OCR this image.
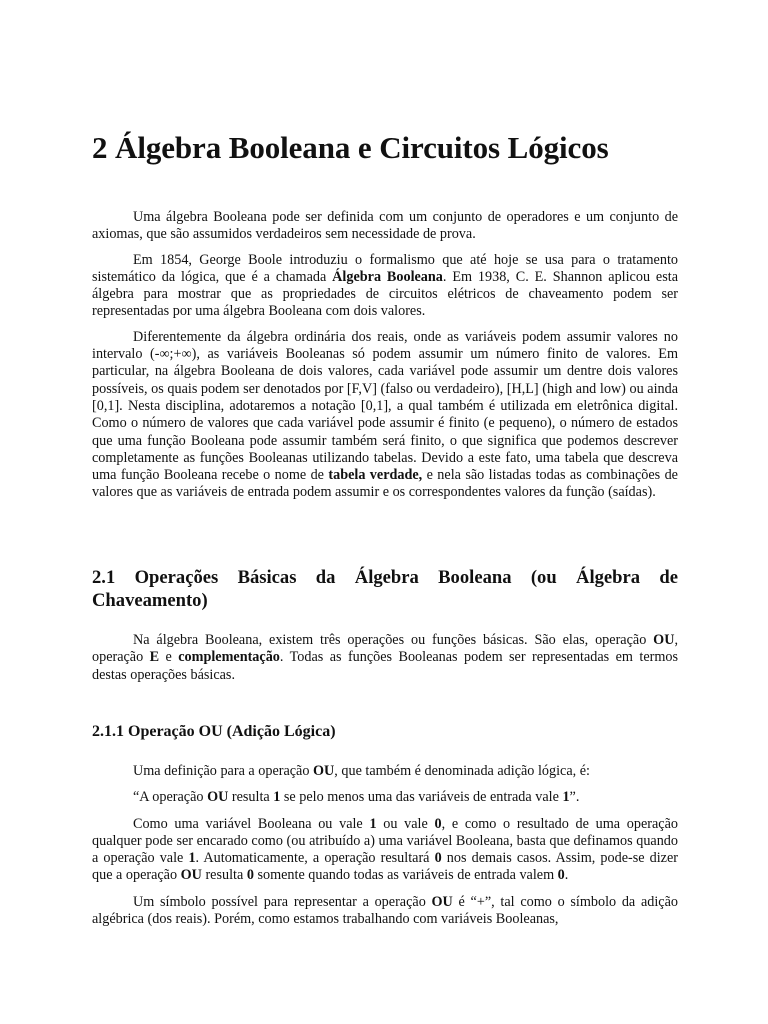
2 Álgebra Booleana e Circuitos Lógicos

Uma álgebra Booleana pode ser definida com um conjunto de operadores e um conjunto de axiomas, que são assumidos verdadeiros sem necessidade de prova.

Em 1854, George Boole introduziu o formalismo que até hoje se usa para o tratamento sistemático da lógica, que é a chamada Álgebra Booleana. Em 1938, C. E. Shannon aplicou esta álgebra para mostrar que as propriedades de circuitos elétricos de chaveamento podem ser representadas por uma álgebra Booleana com dois valores.

Diferentemente da álgebra ordinária dos reais, onde as variáveis podem assumir valores no intervalo (-∞;+∞), as variáveis Booleanas só podem assumir um número finito de valores. Em particular, na álgebra Booleana de dois valores, cada variável pode assumir um dentre dois valores possíveis, os quais podem ser denotados por [F,V] (falso ou verdadeiro), [H,L] (high and low) ou ainda [0,1]. Nesta disciplina, adotaremos a notação [0,1], a qual também é utilizada em eletrônica digital. Como o número de valores que cada variável pode assumir é finito (e pequeno), o número de estados que uma função Booleana pode assumir também será finito, o que significa que podemos descrever completamente as funções Booleanas utilizando tabelas. Devido a este fato, uma tabela que descreva uma função Booleana recebe o nome de tabela verdade, e nela são listadas todas as combinações de valores que as variáveis de entrada podem assumir e os correspondentes valores da função (saídas).

2.1 Operações Básicas da Álgebra Booleana (ou Álgebra de Chaveamento)

Na álgebra Booleana, existem três operações ou funções básicas. São elas, operação OU, operação E e complementação. Todas as funções Booleanas podem ser representadas em termos destas operações básicas.

2.1.1 Operação OU (Adição Lógica)

Uma definição para a operação OU, que também é denominada adição lógica, é:

“A operação OU resulta 1 se pelo menos uma das variáveis de entrada vale 1”.

Como uma variável Booleana ou vale 1 ou vale 0, e como o resultado de uma operação qualquer pode ser encarado como (ou atribuído a) uma variável Booleana, basta que definamos quando a operação vale 1. Automaticamente, a operação resultará 0 nos demais casos. Assim, pode-se dizer que a operação OU resulta 0 somente quando todas as variáveis de entrada valem 0.

Um símbolo possível para representar a operação OU é “+”, tal como o símbolo da adição algébrica (dos reais). Porém, como estamos trabalhando com variáveis Booleanas,
